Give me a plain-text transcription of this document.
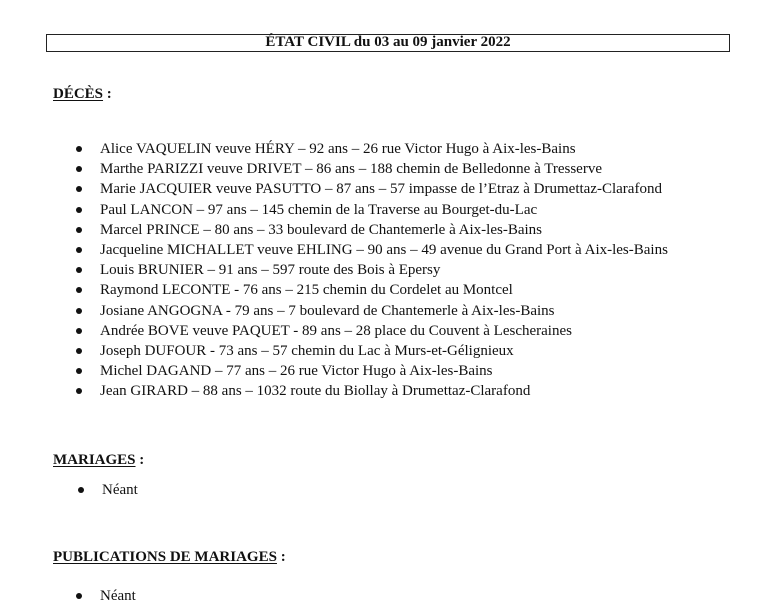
ÉTAT CIVIL du 03 au 09 janvier 2022
DÉCÈS :
Alice VAQUELIN veuve HÉRY – 92 ans – 26 rue Victor Hugo à Aix-les-Bains
Marthe PARIZZI veuve DRIVET – 86 ans – 188 chemin de Belledonne à Tresserve
Marie JACQUIER veuve PASUTTO – 87 ans – 57 impasse de l’Etraz à Drumettaz-Clarafond
Paul LANCON – 97 ans – 145 chemin de la Traverse au Bourget-du-Lac
Marcel PRINCE – 80 ans – 33 boulevard de Chantemerle à Aix-les-Bains
Jacqueline MICHALLET veuve EHLING – 90 ans – 49 avenue du Grand Port à Aix-les-Bains
Louis BRUNIER – 91 ans – 597 route des Bois à Epersy
Raymond LECONTE - 76 ans – 215 chemin du Cordelet au Montcel
Josiane ANGOGNA - 79 ans – 7 boulevard de Chantemerle à Aix-les-Bains
Andrée BOVE veuve PAQUET - 89 ans – 28 place du Couvent à Lescheraines
Joseph DUFOUR - 73 ans – 57 chemin du Lac à Murs-et-Gélignieux
Michel DAGAND – 77 ans – 26 rue Victor Hugo à Aix-les-Bains
Jean GIRARD – 88 ans – 1032 route du Biollay à Drumettaz-Clarafond
MARIAGES :
Néant
PUBLICATIONS DE MARIAGES :
Néant
